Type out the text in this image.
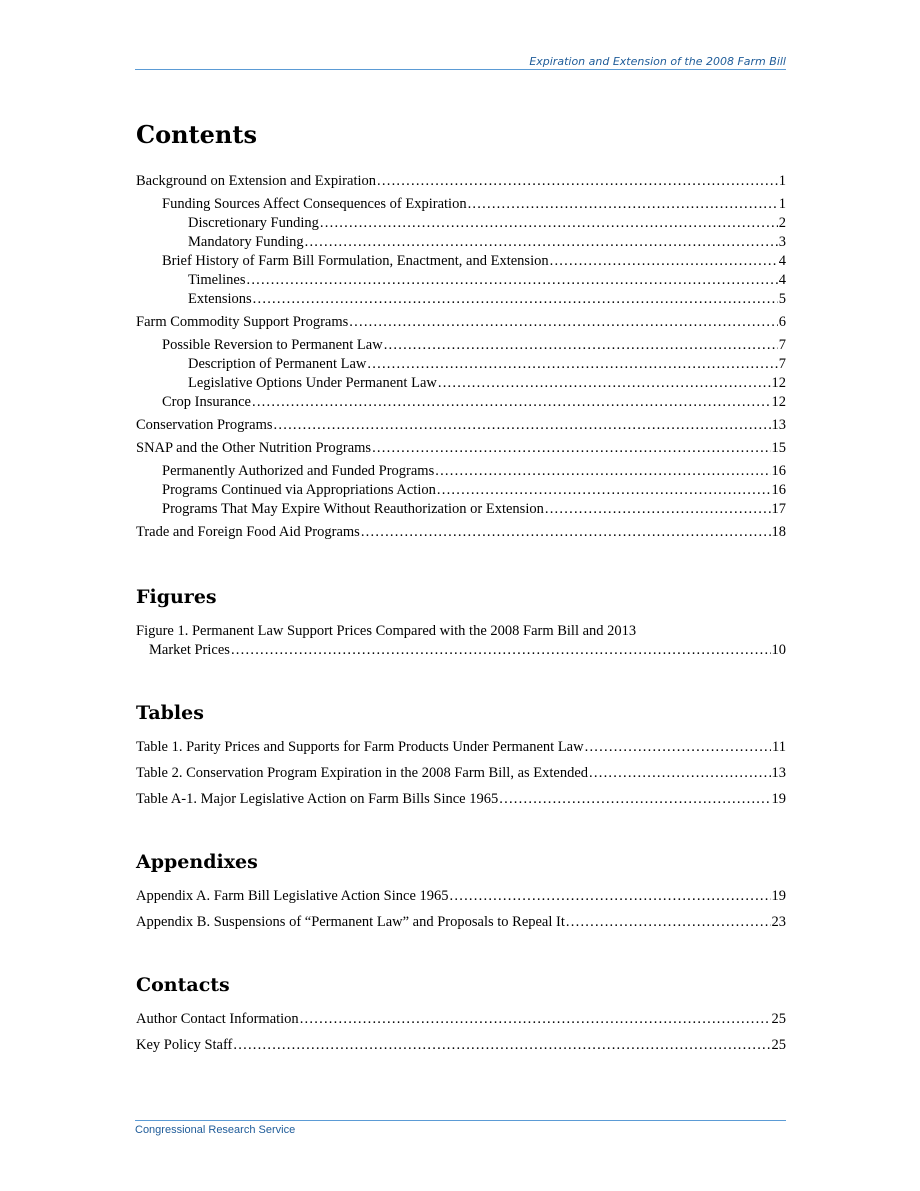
Expiration and Extension of the 2008 Farm Bill
Contents
Background on Extension and Expiration . . .	1
Funding Sources Affect Consequences of Expiration . . .	1
Discretionary Funding . . .	2
Mandatory Funding . . .	3
Brief History of Farm Bill Formulation, Enactment, and Extension . . .	4
Timelines . . .	4
Extensions . . .	5
Farm Commodity Support Programs . . .	6
Possible Reversion to Permanent Law . . .	7
Description of Permanent Law . . .	7
Legislative Options Under Permanent Law . . .	12
Crop Insurance . . .	12
Conservation Programs . . .	13
SNAP and the Other Nutrition Programs . . .	15
Permanently Authorized and Funded Programs . . .	16
Programs Continued via Appropriations Action . . .	16
Programs That May Expire Without Reauthorization or Extension . . .	17
Trade and Foreign Food Aid Programs . . .	18
Figures
Figure 1. Permanent Law Support Prices Compared with the 2008 Farm Bill and 2013
Market Prices . . .	10
Tables
Table 1. Parity Prices and Supports for Farm Products Under Permanent Law . . .	11
Table 2. Conservation Program Expiration in the 2008 Farm Bill, as Extended . . .	13
Table A-1. Major Legislative Action on Farm Bills Since 1965 . . .	19
Appendixes
Appendix A. Farm Bill Legislative Action Since 1965 . . .	19
Appendix B. Suspensions of “Permanent Law” and Proposals to Repeal It . . .	23
Contacts
Author Contact Information . . .	25
Key Policy Staff . . .	25
Congressional Research Service
